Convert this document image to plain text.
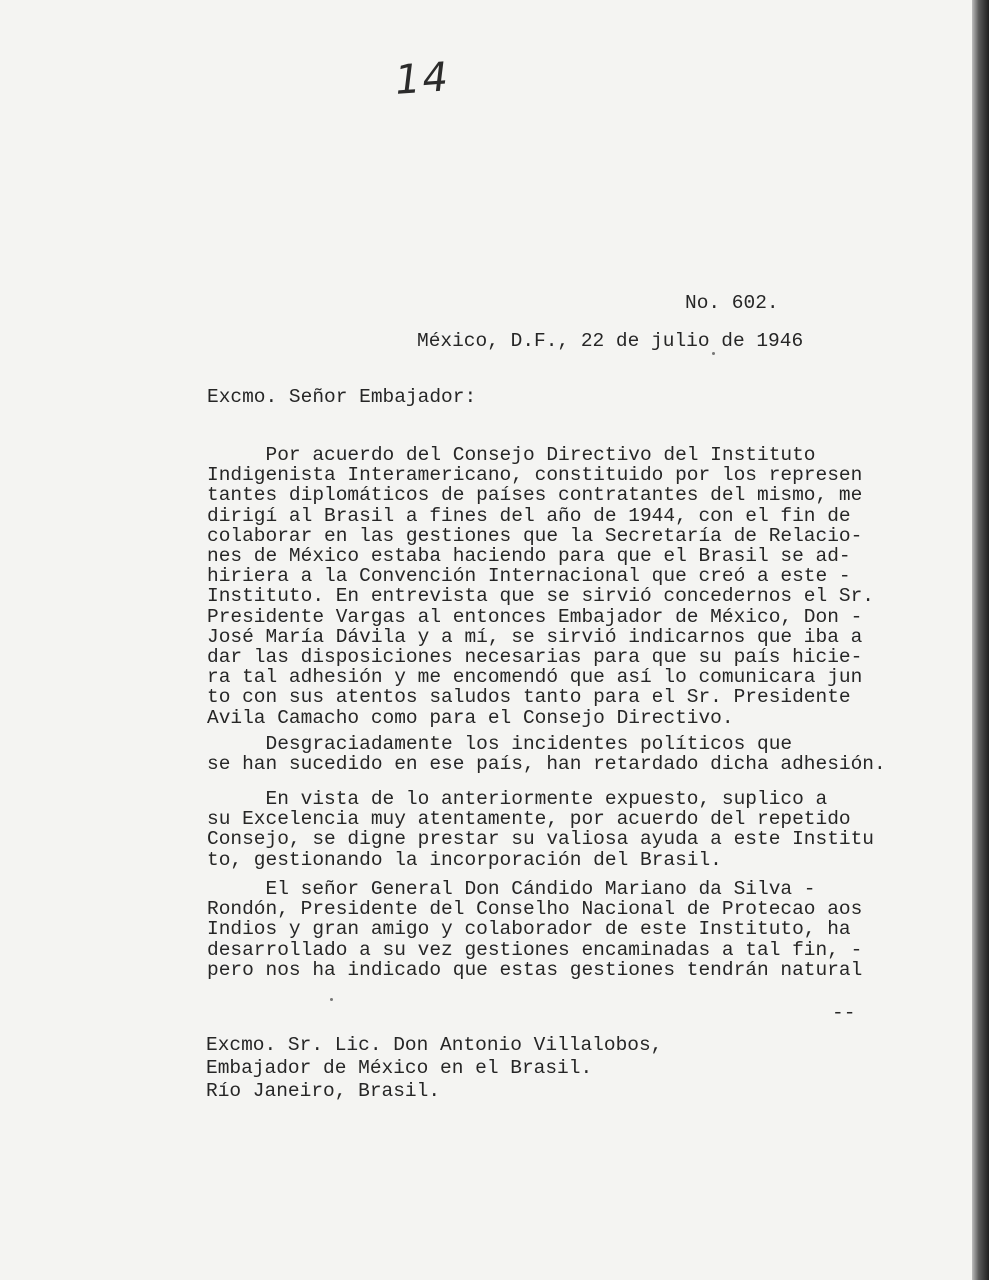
14
No. 602.
México, D.F., 22 de julio de 1946
Excmo. Señor Embajador:
Por acuerdo del Consejo Directivo del Instituto
Indigenista Interamericano, constituido por los represen
tantes diplomáticos de países contratantes del mismo, me
dirigí al Brasil a fines del año de 1944, con el fin de
colaborar en las gestiones que la Secretaría de Relacio-
nes de México estaba haciendo para que el Brasil se ad-
hiriera a la Convención Internacional que creó a este -
Instituto. En entrevista que se sirvió concedernos el Sr.
Presidente Vargas al entonces Embajador de México, Don -
José María Dávila y a mí, se sirvió indicarnos que iba a
dar las disposiciones necesarias para que su país hicie-
ra tal adhesión y me encomendó que así lo comunicara jun
to con sus atentos saludos tanto para el Sr. Presidente
Avila Camacho como para el Consejo Directivo.
Desgraciadamente los incidentes políticos que
se han sucedido en ese país, han retardado dicha adhesión.
En vista de lo anteriormente expuesto, suplico a
su Excelencia muy atentamente, por acuerdo del repetido
Consejo, se digne prestar su valiosa ayuda a este Institu
to, gestionando la incorporación del Brasil.
El señor General Don Cándido Mariano da Silva -
Rondón, Presidente del Conselho Nacional de Protecao aos
Indios y gran amigo y colaborador de este Instituto, ha
desarrollado a su vez gestiones encaminadas a tal fin, -
pero nos ha indicado que estas gestiones tendrán natural
--
Excmo. Sr. Lic. Don Antonio Villalobos,
Embajador de México en el Brasil.
Río Janeiro, Brasil.
